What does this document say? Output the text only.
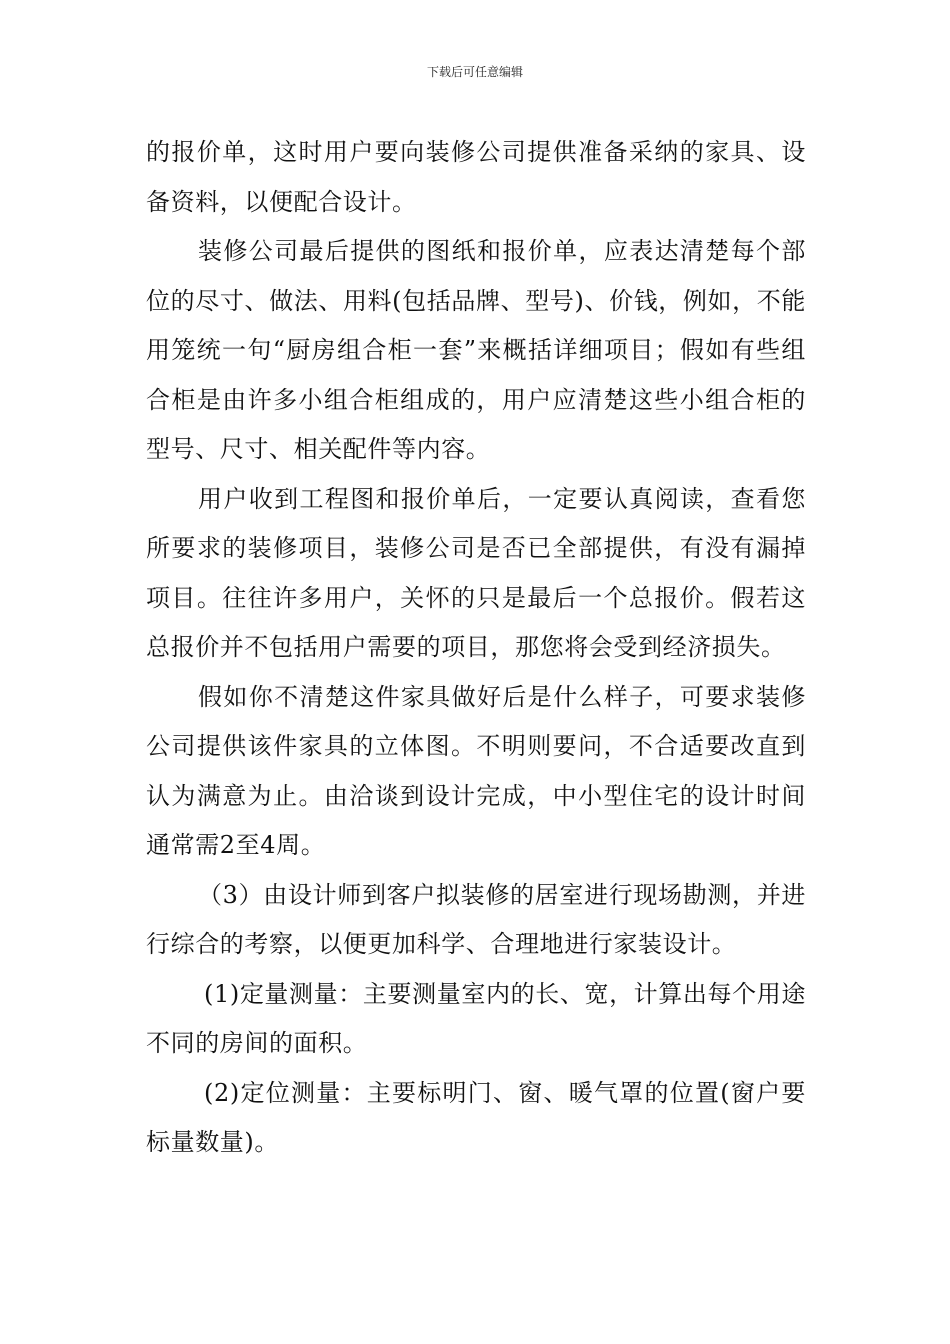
下载后可任意编辑

的报价单，这时用户要向装修公司提供准备采纳的家具、设备资料，以便配合设计。

装修公司最后提供的图纸和报价单，应表达清楚每个部位的尽寸、做法、用料(包括品牌、型号)、价钱，例如，不能用笼统一句“厨房组合柜一套”来概括详细项目；假如有些组合柜是由许多小组合柜组成的，用户应清楚这些小组合柜的型号、尺寸、相关配件等内容。

用户收到工程图和报价单后，一定要认真阅读，查看您所要求的装修项目，装修公司是否已全部提供，有没有漏掉项目。往往许多用户，关怀的只是最后一个总报价。假若这总报价并不包括用户需要的项目，那您将会受到经济损失。

假如你不清楚这件家具做好后是什么样子，可要求装修公司提供该件家具的立体图。不明则要问，不合适要改直到认为满意为止。由洽谈到设计完成，中小型住宅的设计时间通常需2至4周。

（3）由设计师到客户拟装修的居室进行现场勘测，并进行综合的考察，以便更加科学、合理地进行家装设计。

(1)定量测量：主要测量室内的长、宽，计算出每个用途不同的房间的面积。

(2)定位测量：主要标明门、窗、暖气罩的位置(窗户要标量数量)。
